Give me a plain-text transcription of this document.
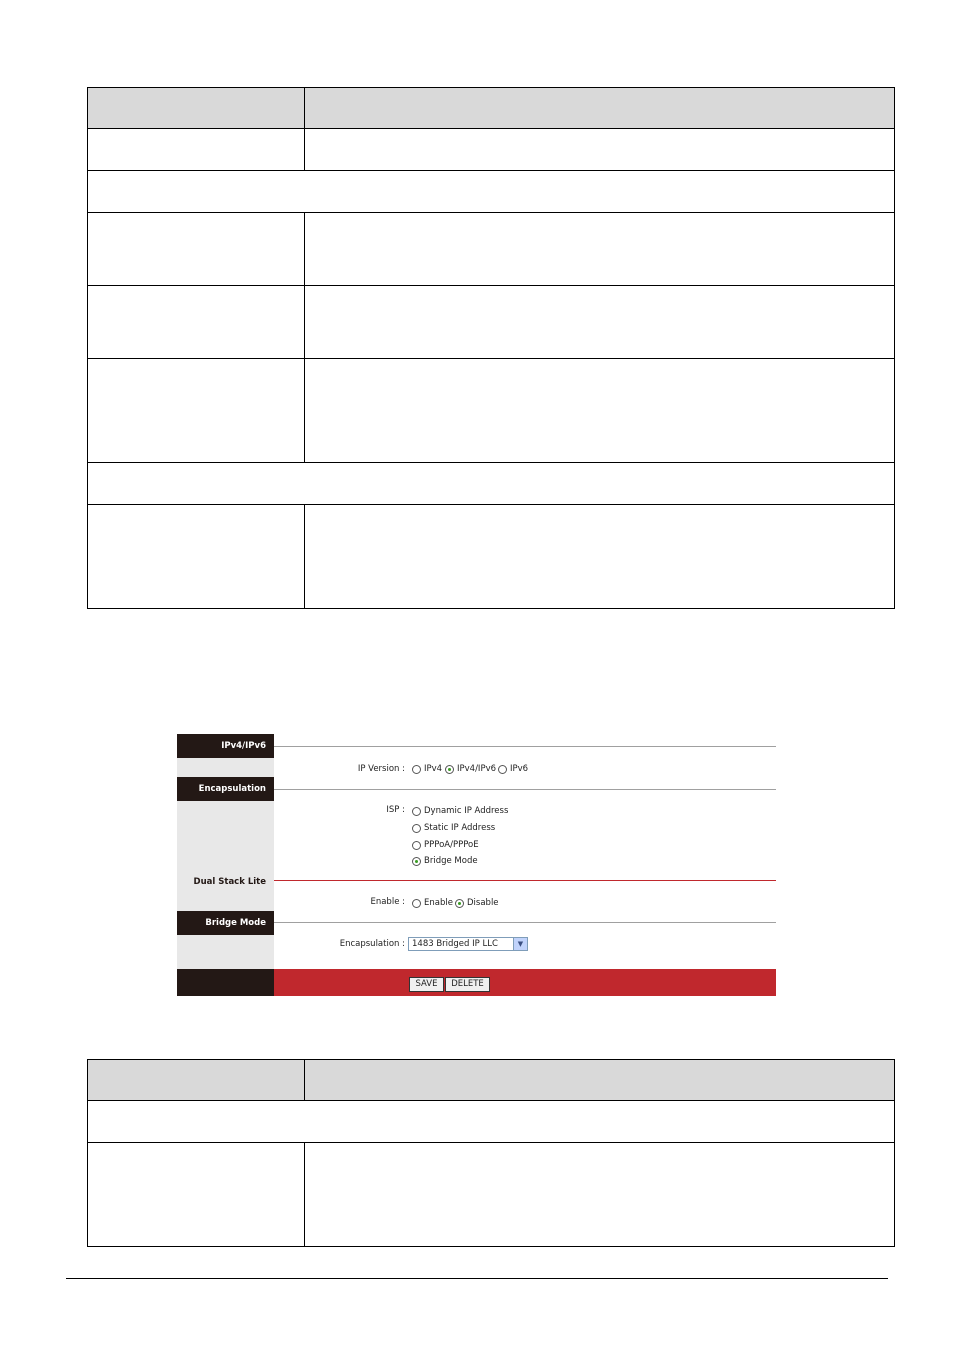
IPv4/IPv6
IP Version : IPv4 IPv4/IPv6 IPv6
Encapsulation
ISP : Dynamic IP Address
Static IP Address
PPPoA/PPPoE
Bridge Mode
Dual Stack Lite
Enable : Enable Disable
Bridge Mode
Encapsulation : 1483 Bridged IP LLC	▼
SAVE	DELETE
